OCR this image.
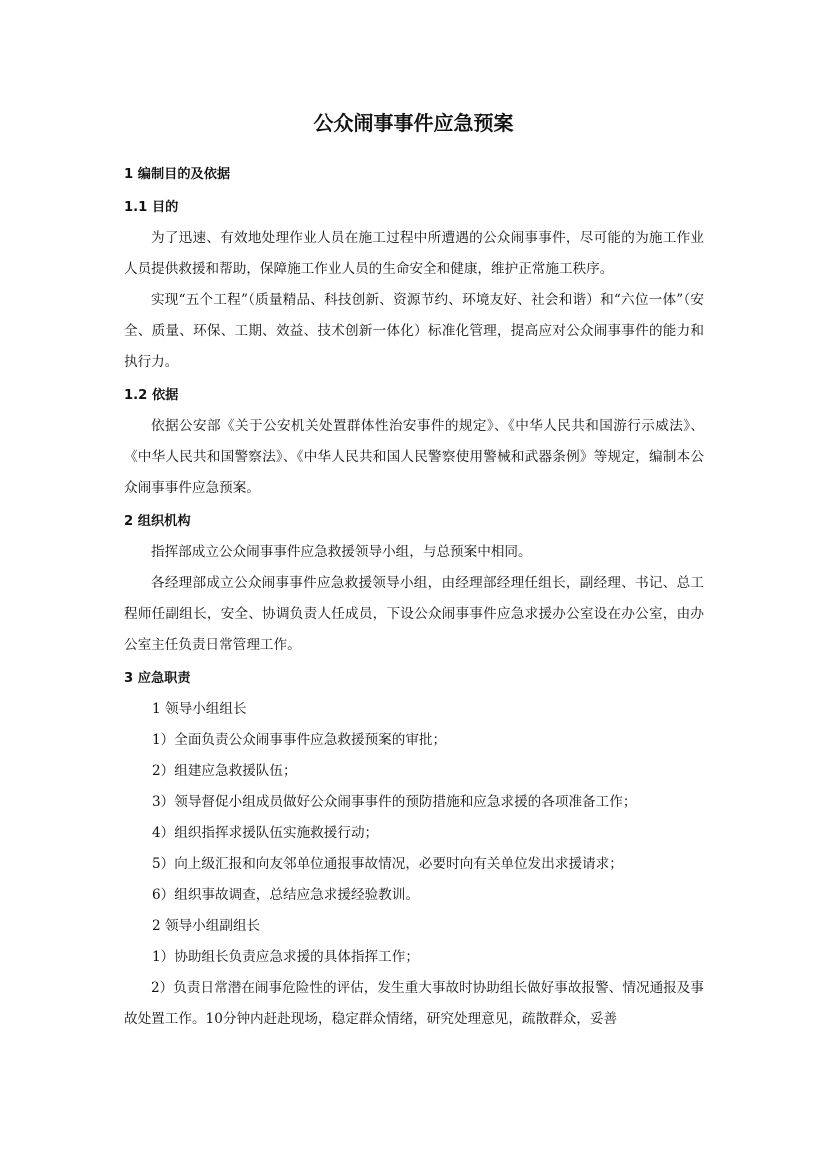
公众闹事事件应急预案
1 编制目的及依据
1.1 目的

为了迅速、有效地处理作业人员在施工过程中所遭遇的公众闹事事件，尽可能的为施工作业人员提供救援和帮助，保障施工作业人员的生命安全和健康，维护正常施工秩序。

实现“五个工程”（质量精品、科技创新、资源节约、环境友好、社会和谐）和“六位一体”（安全、质量、环保、工期、效益、技术创新一体化）标准化管理，提高应对公众闹事事件的能力和执行力。

1.2 依据

依据公安部《关于公安机关处置群体性治安事件的规定》、《中华人民共和国游行示威法》、《中华人民共和国警察法》、《中华人民共和国人民警察使用警械和武器条例》等规定，编制本公众闹事事件应急预案。

2 组织机构

指挥部成立公众闹事事件应急救援领导小组，与总预案中相同。

各经理部成立公众闹事事件应急救援领导小组，由经理部经理任组长，副经理、书记、总工程师任副组长，安全、协调负责人任成员，下设公众闹事事件应急求援办公室设在办公室，由办公室主任负责日常管理工作。

3 应急职责

1 领导小组组长

1）全面负责公众闹事事件应急救援预案的审批；

2）组建应急救援队伍；

3）领导督促小组成员做好公众闹事事件的预防措施和应急求援的各项准备工作；

4）组织指挥求援队伍实施救援行动；

5）向上级汇报和向友邻单位通报事故情况，必要时向有关单位发出求援请求；

6）组织事故调查，总结应急求援经验教训。

2 领导小组副组长

1）协助组长负责应急求援的具体指挥工作；

2）负责日常潜在闹事危险性的评估，发生重大事故时协助组长做好事故报警、情况通报及事故处置工作。10分钟内赶赴现场，稳定群众情绪，研究处理意见，疏散群众，妥善
